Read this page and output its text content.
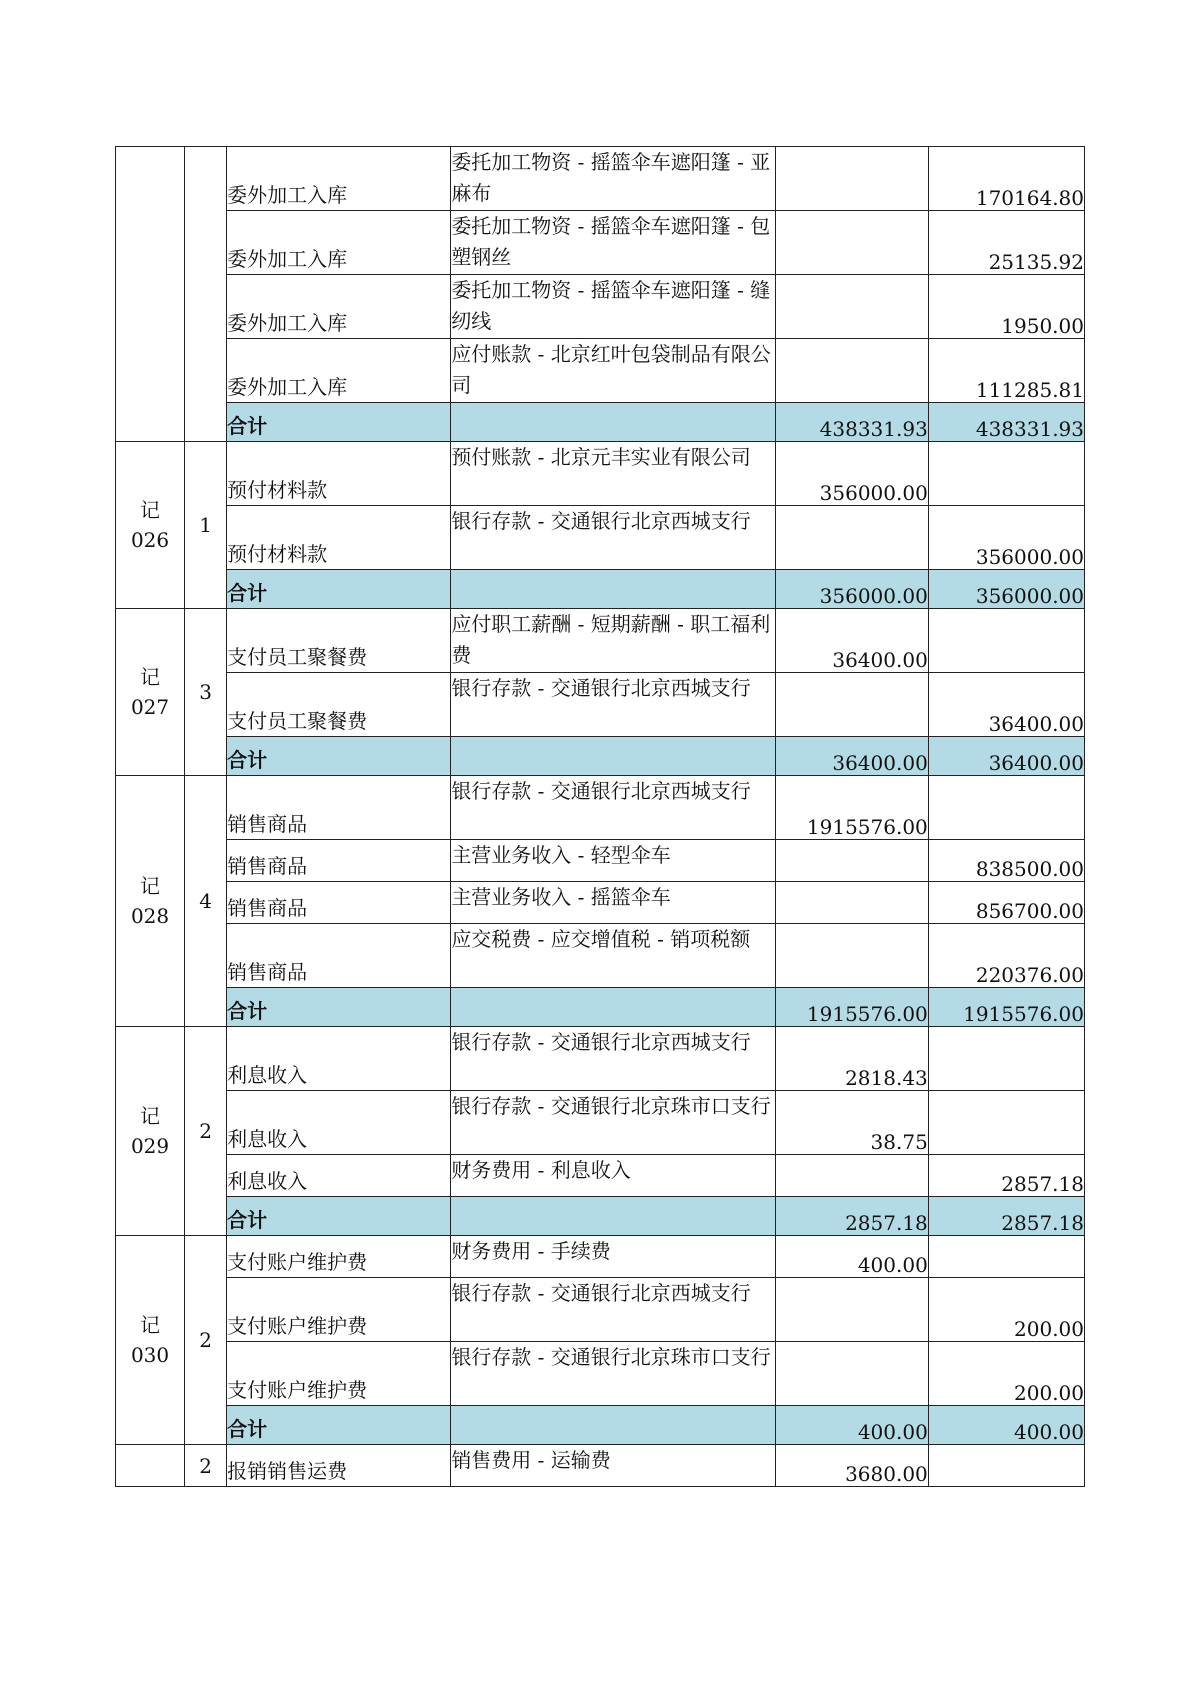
		委外加工入库	委托加工物资 - 摇篮伞车遮阳篷 - 亚麻布		170164.80
		委外加工入库	委托加工物资 - 摇篮伞车遮阳篷 - 包塑钢丝		25135.92
		委外加工入库	委托加工物资 - 摇篮伞车遮阳篷 - 缝纫线		1950.00
		委外加工入库	应付账款 - 北京红叶包袋制品有限公司		111285.81
		合计		438331.93	438331.93

记
026	1	预付材料款	预付账款 - 北京元丰实业有限公司	356000.00	
		预付材料款	银行存款 - 交通银行北京西城支行		356000.00
		合计		356000.00	356000.00

记
027	3	支付员工聚餐费	应付职工薪酬 - 短期薪酬 - 职工福利费	36400.00	
		支付员工聚餐费	银行存款 - 交通银行北京西城支行		36400.00
		合计		36400.00	36400.00

记
028	4	销售商品	银行存款 - 交通银行北京西城支行	1915576.00	
		销售商品	主营业务收入 - 轻型伞车		838500.00
		销售商品	主营业务收入 - 摇篮伞车		856700.00
		销售商品	应交税费 - 应交增值税 - 销项税额		220376.00
		合计		1915576.00	1915576.00

记
029	2	利息收入	银行存款 - 交通银行北京西城支行	2818.43	
		利息收入	银行存款 - 交通银行北京珠市口支行	38.75	
		利息收入	财务费用 - 利息收入		2857.18
		合计		2857.18	2857.18

记
030	2	支付账户维护费	财务费用 - 手续费	400.00	
		支付账户维护费	银行存款 - 交通银行北京西城支行		200.00
		支付账户维护费	银行存款 - 交通银行北京珠市口支行		200.00
		合计		400.00	400.00

	2	报销销售运费	销售费用 - 运输费	3680.00	
